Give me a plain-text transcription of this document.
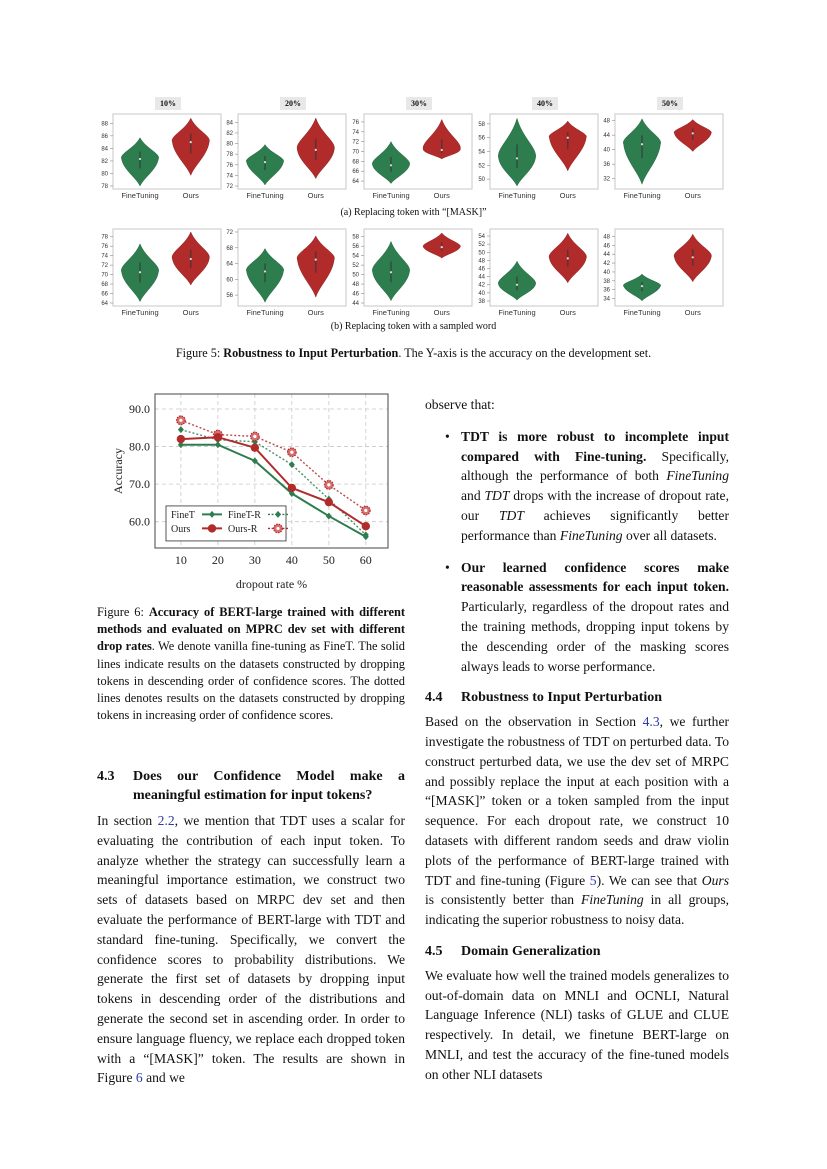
10%
88
86
84
82
80
78
FineTuning	Ours
20%
84
82
80
78
76
74
72
FineTuning	Ours
30%
76
74
72
70
68
66
64
FineTuning	Ours
40%
58
56
54
52
50
FineTuning	Ours
50%
48
44
40
36
32
FineTuning	Ours
78
76
74
72
70
68
66
64
FineTuning	Ours
72
68
64
60
56
FineTuning	Ours
58
56
54
52
50
48
46
44
FineTuning	Ours
54
52
50
48
46
44
42
40
38
FineTuning	Ours
48
46
44
42
40
38
36
34
FineTuning	Ours
(a) Replacing token with “[MASK]”
(b) Replacing token with a sampled word
Figure 5: Robustness to Input Perturbation. The Y-axis is the accuracy on the development set.
90.0
80.0
70.0
60.0
10 20 30 40 50 60
dropout rate %
Accuracy
FineT	FineT-R
Ours	Ours-R
Figure 6: Accuracy of BERT-large trained with different methods and evaluated on MPRC dev set with different drop rates. We denote vanilla fine-tuning as FineT. The solid lines indicate results on the datasets constructed by dropping tokens in descending order of confidence scores. The dotted lines denotes results on the datasets constructed by dropping tokens in increasing order of confidence scores.
4.3	Does our Confidence Model make a meaningful estimation for input tokens?
In section 2.2, we mention that TDT uses a scalar for evaluating the contribution of each input token. To analyze whether the strategy can successfully learn a meaningful importance estimation, we construct two sets of datasets based on MRPC dev set and then evaluate the performance of BERT-large with TDT and standard fine-tuning. Specifically, we convert the confidence scores to probability distributions. We generate the first set of datasets by dropping input tokens in descending order of the distributions and generate the second set in ascending order. In order to ensure language fluency, we replace each dropped token with a “[MASK]” token. The results are shown in Figure 6 and we
observe that:
• TDT is more robust to incomplete input compared with Fine-tuning. Specifically, although the performance of both FineTuning and TDT drops with the increase of dropout rate, our TDT achieves significantly better performance than FineTuning over all datasets.
• Our learned confidence scores make reasonable assessments for each input token. Particularly, regardless of the dropout rates and the training methods, dropping input tokens by the descending order of the masking scores always leads to worse performance.
4.4 Robustness to Input Perturbation
Based on the observation in Section 4.3, we further investigate the robustness of TDT on perturbed data. To construct perturbed data, we use the dev set of MRPC and possibly replace the input at each position with a “[MASK]” token or a token sampled from the input sequence. For each dropout rate, we construct 10 datasets with different random seeds and draw violin plots of the performance of BERT-large trained with TDT and fine-tuning (Figure 5). We can see that Ours is consistently better than FineTuning in all groups, indicating the superior robustness to noisy data.
4.5 Domain Generalization
We evaluate how well the trained models generalizes to out-of-domain data on MNLI and OCNLI, Natural Language Inference (NLI) tasks of GLUE and CLUE respectively. In detail, we finetune BERT-large on MNLI, and test the accuracy of the fine-tuned models on other NLI datasets
